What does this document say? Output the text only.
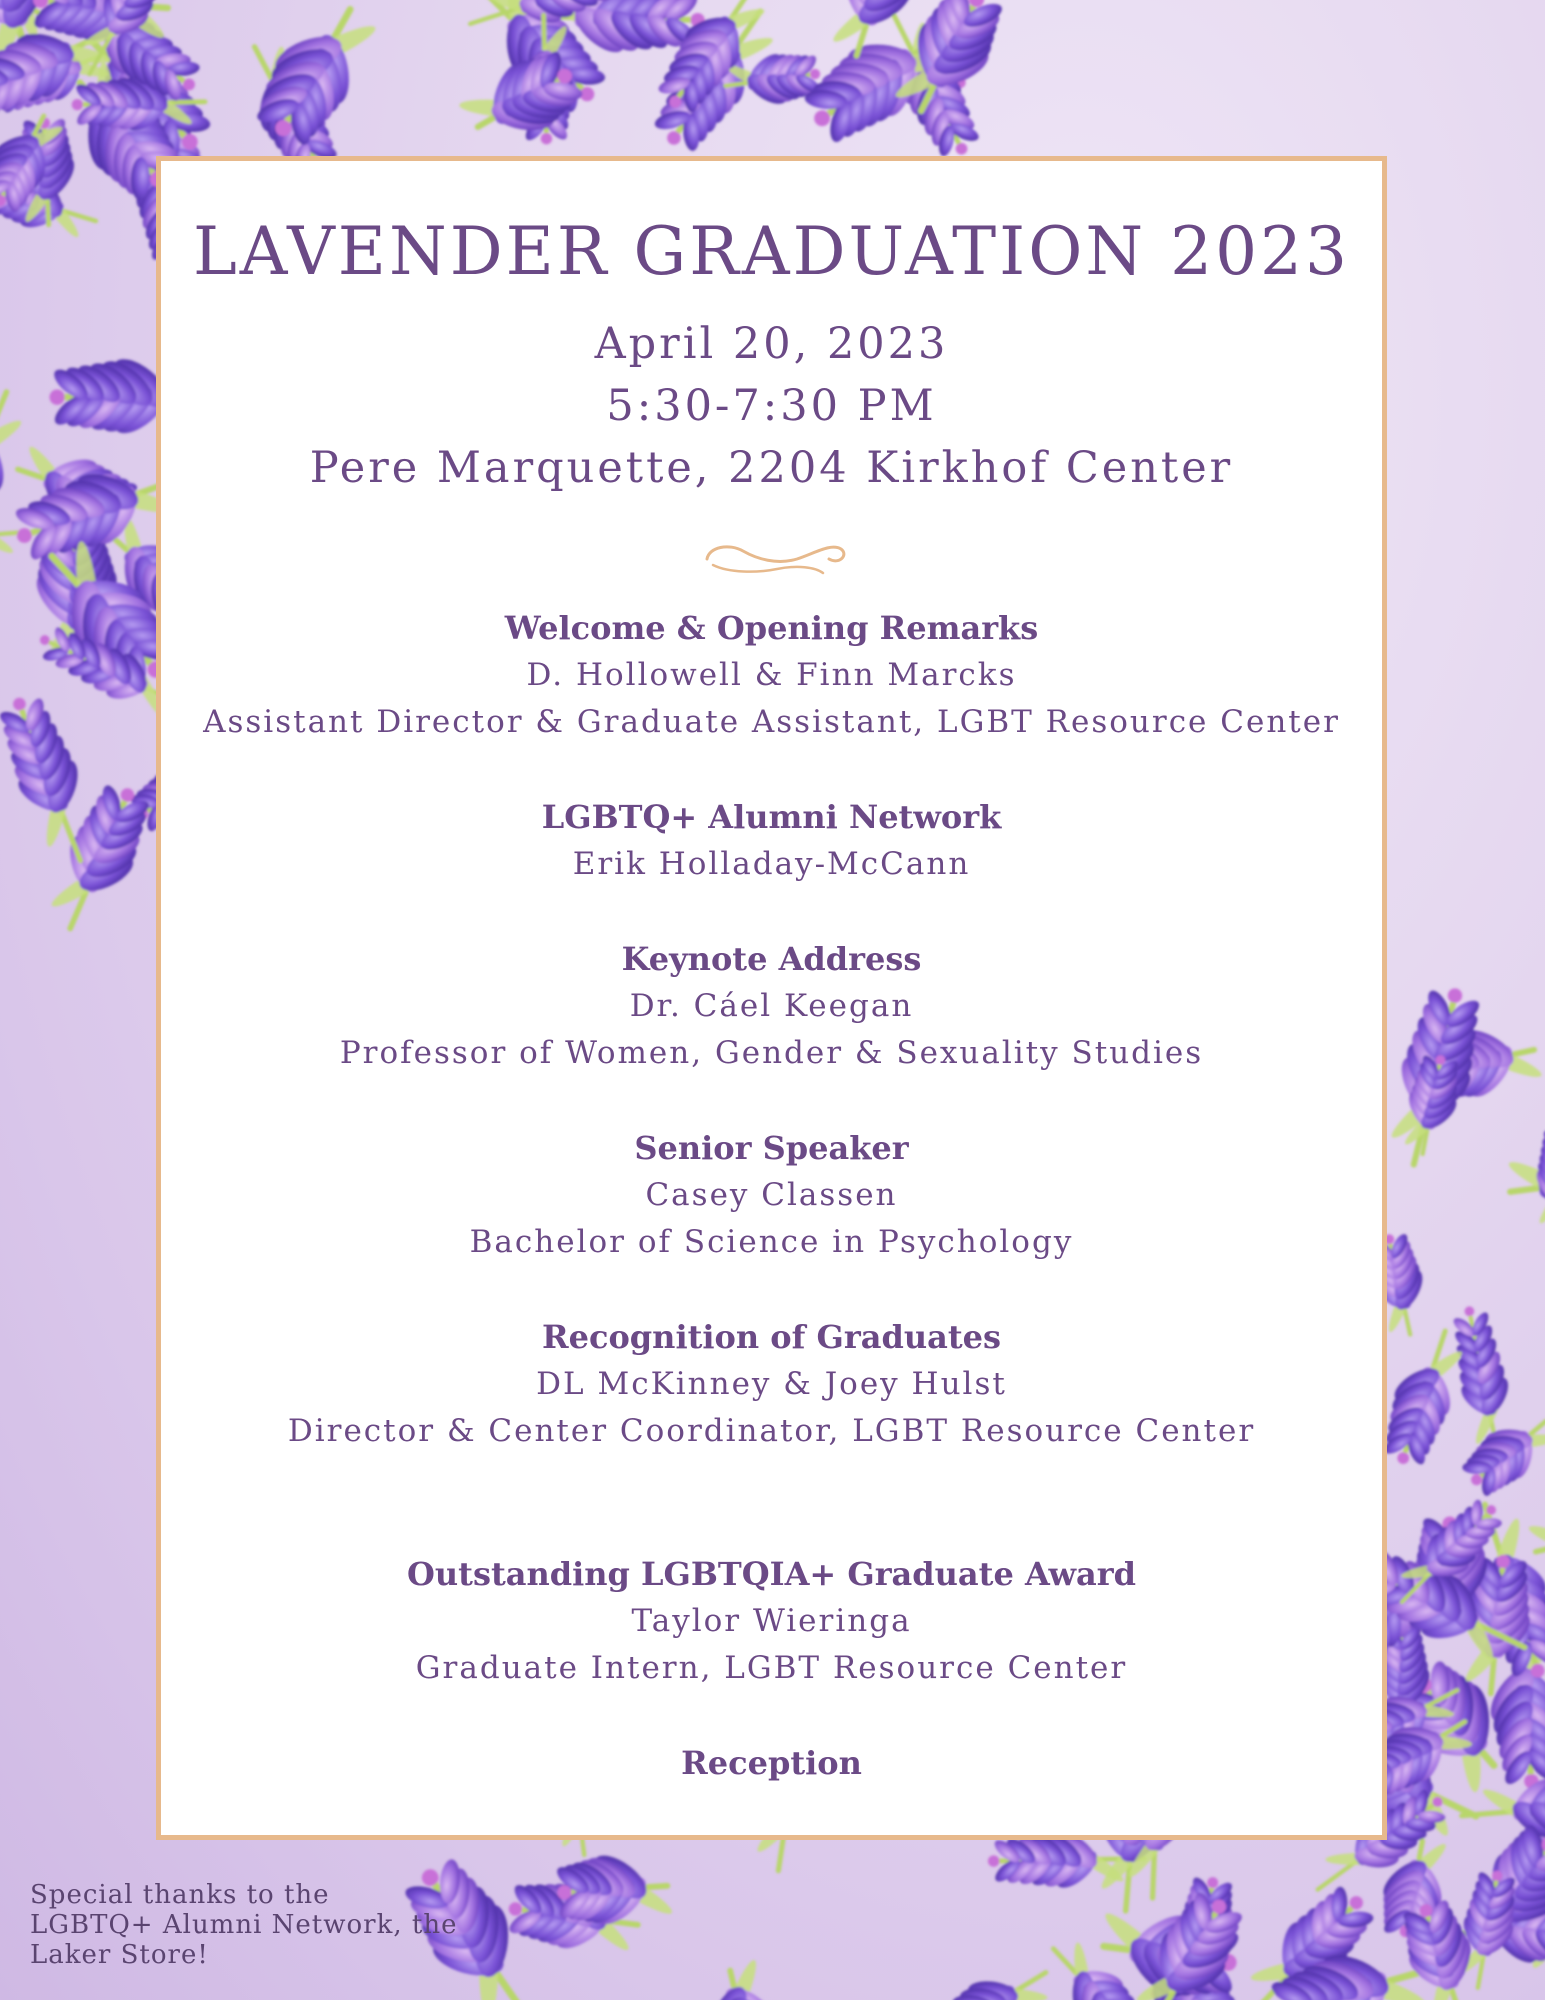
LAVENDER GRADUATION 2023
April 20, 2023
5:30-7:30 PM
Pere Marquette, 2204 Kirkhof Center
Welcome & Opening Remarks
D. Hollowell & Finn Marcks
Assistant Director & Graduate Assistant, LGBT Resource Center
LGBTQ+ Alumni Network
Erik Holladay-McCann
Keynote Address
Dr. Cáel Keegan
Professor of Women, Gender & Sexuality Studies
Senior Speaker
Casey Classen
Bachelor of Science in Psychology
Recognition of Graduates
DL McKinney & Joey Hulst
Director & Center Coordinator, LGBT Resource Center
Outstanding LGBTQIA+ Graduate Award
Taylor Wieringa
Graduate Intern, LGBT Resource Center
Reception
Special thanks to the LGBTQ+ Alumni Network, the Laker Store!
